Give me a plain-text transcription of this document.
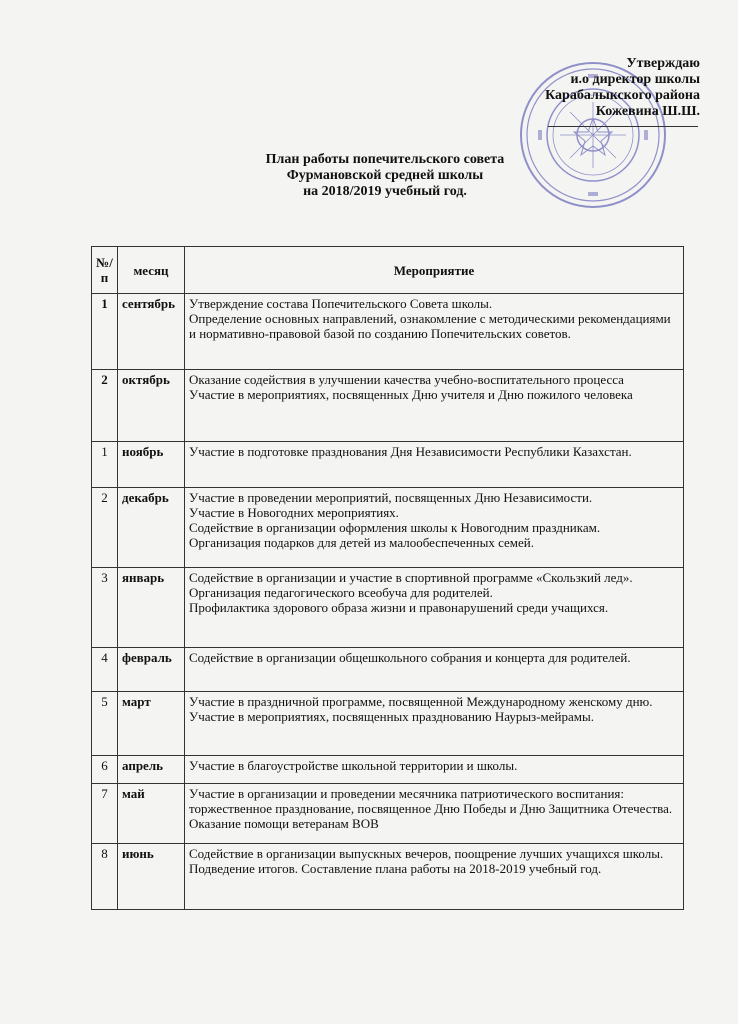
Утверждаю
и.о директор школы
Карабалыкского района
Кожевина Ш.Ш.
План работы попечительского совета
Фурмановской средней школы
на 2018/2019 учебный год.
№/п	месяц	Мероприятие
1	сентябрь	Утверждение состава Попечительского Совета школы.
Определение основных направлений, ознакомление с методическими рекомендациями и нормативно-правовой базой по созданию Попечительских советов.

2	октябрь	Оказание содействия в улучшении качества учебно-воспитательного процесса
Участие в мероприятиях, посвященных Дню учителя и Дню пожилого человека

1	ноябрь	Участие в подготовке празднования Дня Независимости Республики Казахстан.

2	декабрь	Участие в проведении мероприятий, посвященных Дню Независимости.
Участие в Новогодних мероприятиях.
Содействие в организации оформления школы к Новогодним праздникам.
Организация подарков для детей из малообеспеченных семей.

3	январь	Содействие в организации и участие в спортивной программе «Скользкий лед».
Организация педагогического всеобуча для родителей.
Профилактика здорового образа жизни и правонарушений среди учащихся.

4	февраль	Содействие в организации общешкольного собрания и концерта для родителей.

5	март	Участие в праздничной программе, посвященной Международному женскому дню.
Участие в мероприятиях, посвященных празднованию Наурыз-мейрамы.

6	апрель	Участие в благоустройстве школьной территории и школы.

7	май	Участие в организации и проведении месячника патриотического воспитания: торжественное празднование, посвященное Дню Победы и Дню Защитника Отечества. Оказание помощи ветеранам ВОВ

8	июнь	Содействие в организации выпускных вечеров, поощрение лучших учащихся школы.
Подведение итогов. Составление плана работы на 2018-2019 учебный год.
